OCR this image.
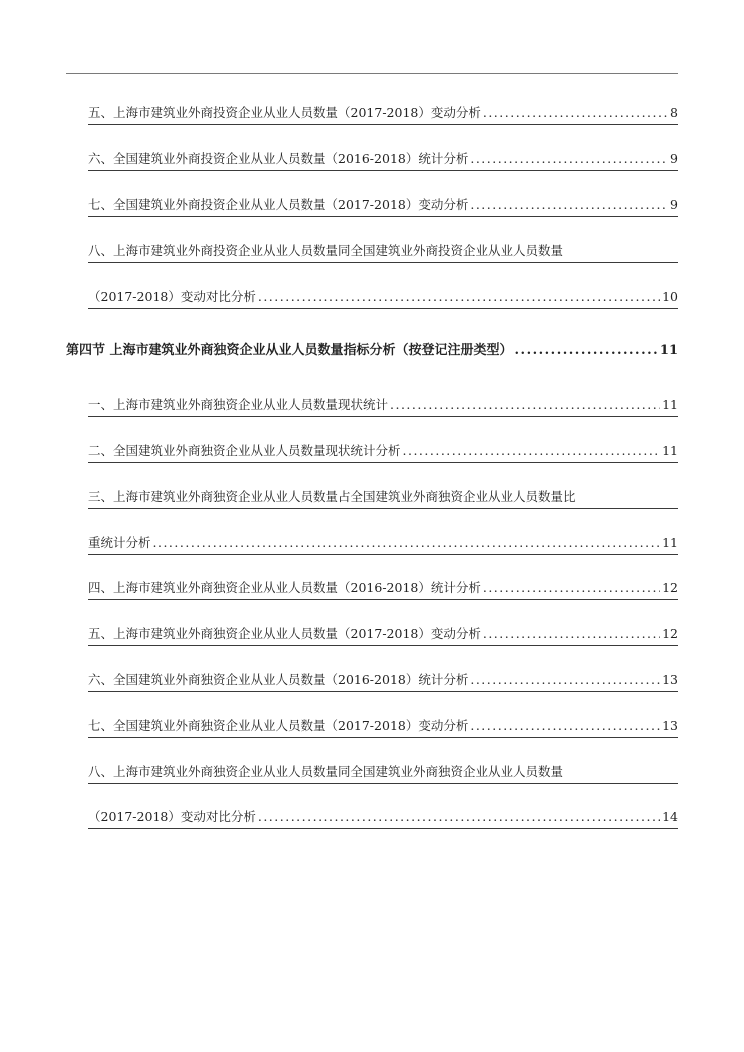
五、上海市建筑业外商投资企业从业人员数量（2017-2018）变动分析 .....	8
六、全国建筑业外商投资企业从业人员数量（2016-2018）统计分析 .....	9
七、全国建筑业外商投资企业从业人员数量（2017-2018）变动分析 .....	9
八、上海市建筑业外商投资企业从业人员数量同全国建筑业外商投资企业从业人员数量
（2017-2018）变动对比分析 .....	10
第四节 上海市建筑业外商独资企业从业人员数量指标分析（按登记注册类型） .....	11
一、上海市建筑业外商独资企业从业人员数量现状统计 .....	11
二、全国建筑业外商独资企业从业人员数量现状统计分析 .....	11
三、上海市建筑业外商独资企业从业人员数量占全国建筑业外商独资企业从业人员数量比
重统计分析 .....	11
四、上海市建筑业外商独资企业从业人员数量（2016-2018）统计分析 .....	12
五、上海市建筑业外商独资企业从业人员数量（2017-2018）变动分析 .....	12
六、全国建筑业外商独资企业从业人员数量（2016-2018）统计分析 .....	13
七、全国建筑业外商独资企业从业人员数量（2017-2018）变动分析 .....	13
八、上海市建筑业外商独资企业从业人员数量同全国建筑业外商独资企业从业人员数量
（2017-2018）变动对比分析 .....	14
